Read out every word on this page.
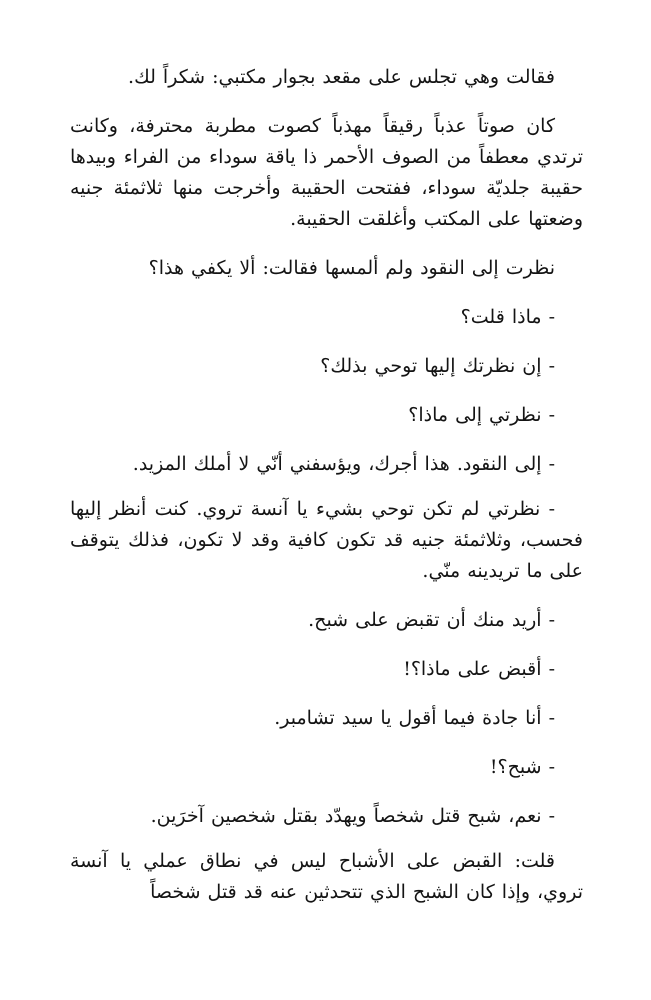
فقالت وهي تجلس على مقعد بجوار مكتبي: شكراً لك.

كان صوتاً عذباً رقيقاً مهذباً كصوت مطربة محترفة، وكانت ترتدي معطفاً من الصوف الأحمر ذا ياقة سوداء من الفراء وبيدها حقيبة جلديّة سوداء، ففتحت الحقيبة وأخرجت منها ثلاثمئة جنيه وضعتها على المكتب وأغلقت الحقيبة.

نظرت إلى النقود ولم ألمسها فقالت: ألا يكفي هذا؟

- ماذا قلت؟

- إن نظرتك إليها توحي بذلك؟

- نظرتي إلى ماذا؟

- إلى النقود. هذا أجرك، ويؤسفني أنّي لا أملك المزيد.

- نظرتي لم تكن توحي بشيء يا آنسة تروي. كنت أنظر إليها فحسب، وثلاثمئة جنيه قد تكون كافية وقد لا تكون، فذلك يتوقف على ما تريدينه منّي.

- أريد منك أن تقبض على شبح.

- أقبض على ماذا؟!

- أنا جادة فيما أقول يا سيد تشامبر.

- شبح؟!

- نعم، شبح قتل شخصاً ويهدّد بقتل شخصين آخرَين.

قلت: القبض على الأشباح ليس في نطاق عملي يا آنسة تروي، وإذا كان الشبح الذي تتحدثين عنه قد قتل شخصاً
